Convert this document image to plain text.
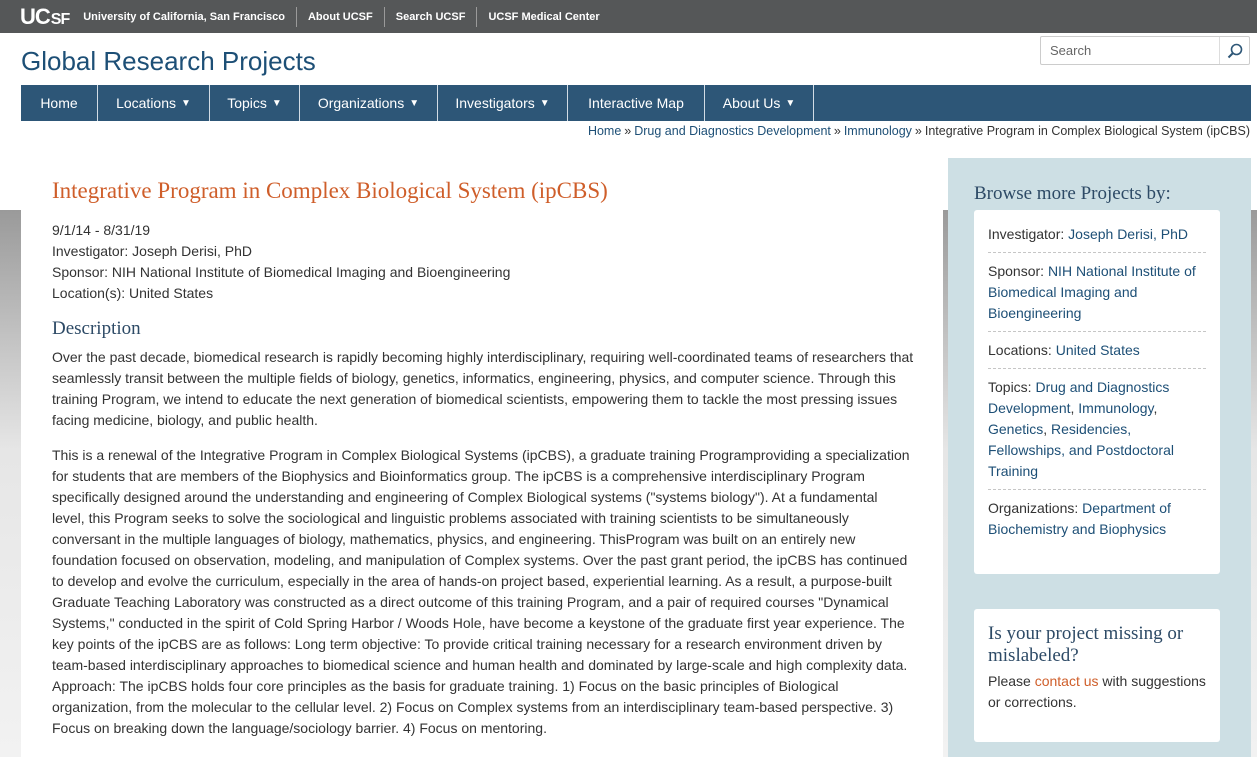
UC SF	University of California, San Francisco	About UCSF	Search UCSF	UCSF Medical Center
Global Research Projects
Search
Home	Locations ▼	Topics ▼	Organizations ▼	Investigators ▼	Interactive Map	About Us ▼
Home » Drug and Diagnostics Development » Immunology » Integrative Program in Complex Biological System (ipCBS)
Integrative Program in Complex Biological System (ipCBS)
9/1/14 - 8/31/19
Investigator: Joseph Derisi, PhD
Sponsor: NIH National Institute of Biomedical Imaging and Bioengineering
Location(s): United States
Description

Over the past decade, biomedical research is rapidly becoming highly interdisciplinary, requiring well-coordinated teams of researchers that seamlessly transit between the multiple fields of biology, genetics, informatics, engineering, physics, and computer science. Through this training Program, we intend to educate the next generation of biomedical scientists, empowering them to tackle the most pressing issues facing medicine, biology, and public health.

This is a renewal of the Integrative Program in Complex Biological Systems (ipCBS), a graduate training Programproviding a specialization for students that are members of the Biophysics and Bioinformatics group. The ipCBS is a comprehensive interdisciplinary Program specifically designed around the understanding and engineering of Complex Biological systems ("systems biology"). At a fundamental level, this Program seeks to solve the sociological and linguistic problems associated with training scientists to be simultaneously conversant in the multiple languages of biology, mathematics, physics, and engineering. ThisProgram was built on an entirely new foundation focused on observation, modeling, and manipulation of Complex systems. Over the past grant period, the ipCBS has continued to develop and evolve the curriculum, especially in the area of hands-on project based, experiential learning. As a result, a purpose-built Graduate Teaching Laboratory was constructed as a direct outcome of this training Program, and a pair of required courses "Dynamical Systems," conducted in the spirit of Cold Spring Harbor / Woods Hole, have become a keystone of the graduate first year experience. The key points of the ipCBS are as follows: Long term objective: To provide critical training necessary for a research environment driven by team-based interdisciplinary approaches to biomedical science and human health and dominated by large-scale and high complexity data. Approach: The ipCBS holds four core principles as the basis for graduate training. 1) Focus on the basic principles of Biological organization, from the molecular to the cellular level. 2) Focus on Complex systems from an interdisciplinary team-based perspective. 3) Focus on breaking down the language/sociology barrier. 4) Focus on mentoring.

Browse more Projects by:
Investigator: Joseph Derisi, PhD
Sponsor: NIH National Institute of Biomedical Imaging and Bioengineering
Locations: United States
Topics: Drug and Diagnostics Development, Immunology, Genetics, Residencies, Fellowships, and Postdoctoral Training
Organizations: Department of Biochemistry and Biophysics
Is your project missing or mislabeled?

Please contact us with suggestions or corrections.
